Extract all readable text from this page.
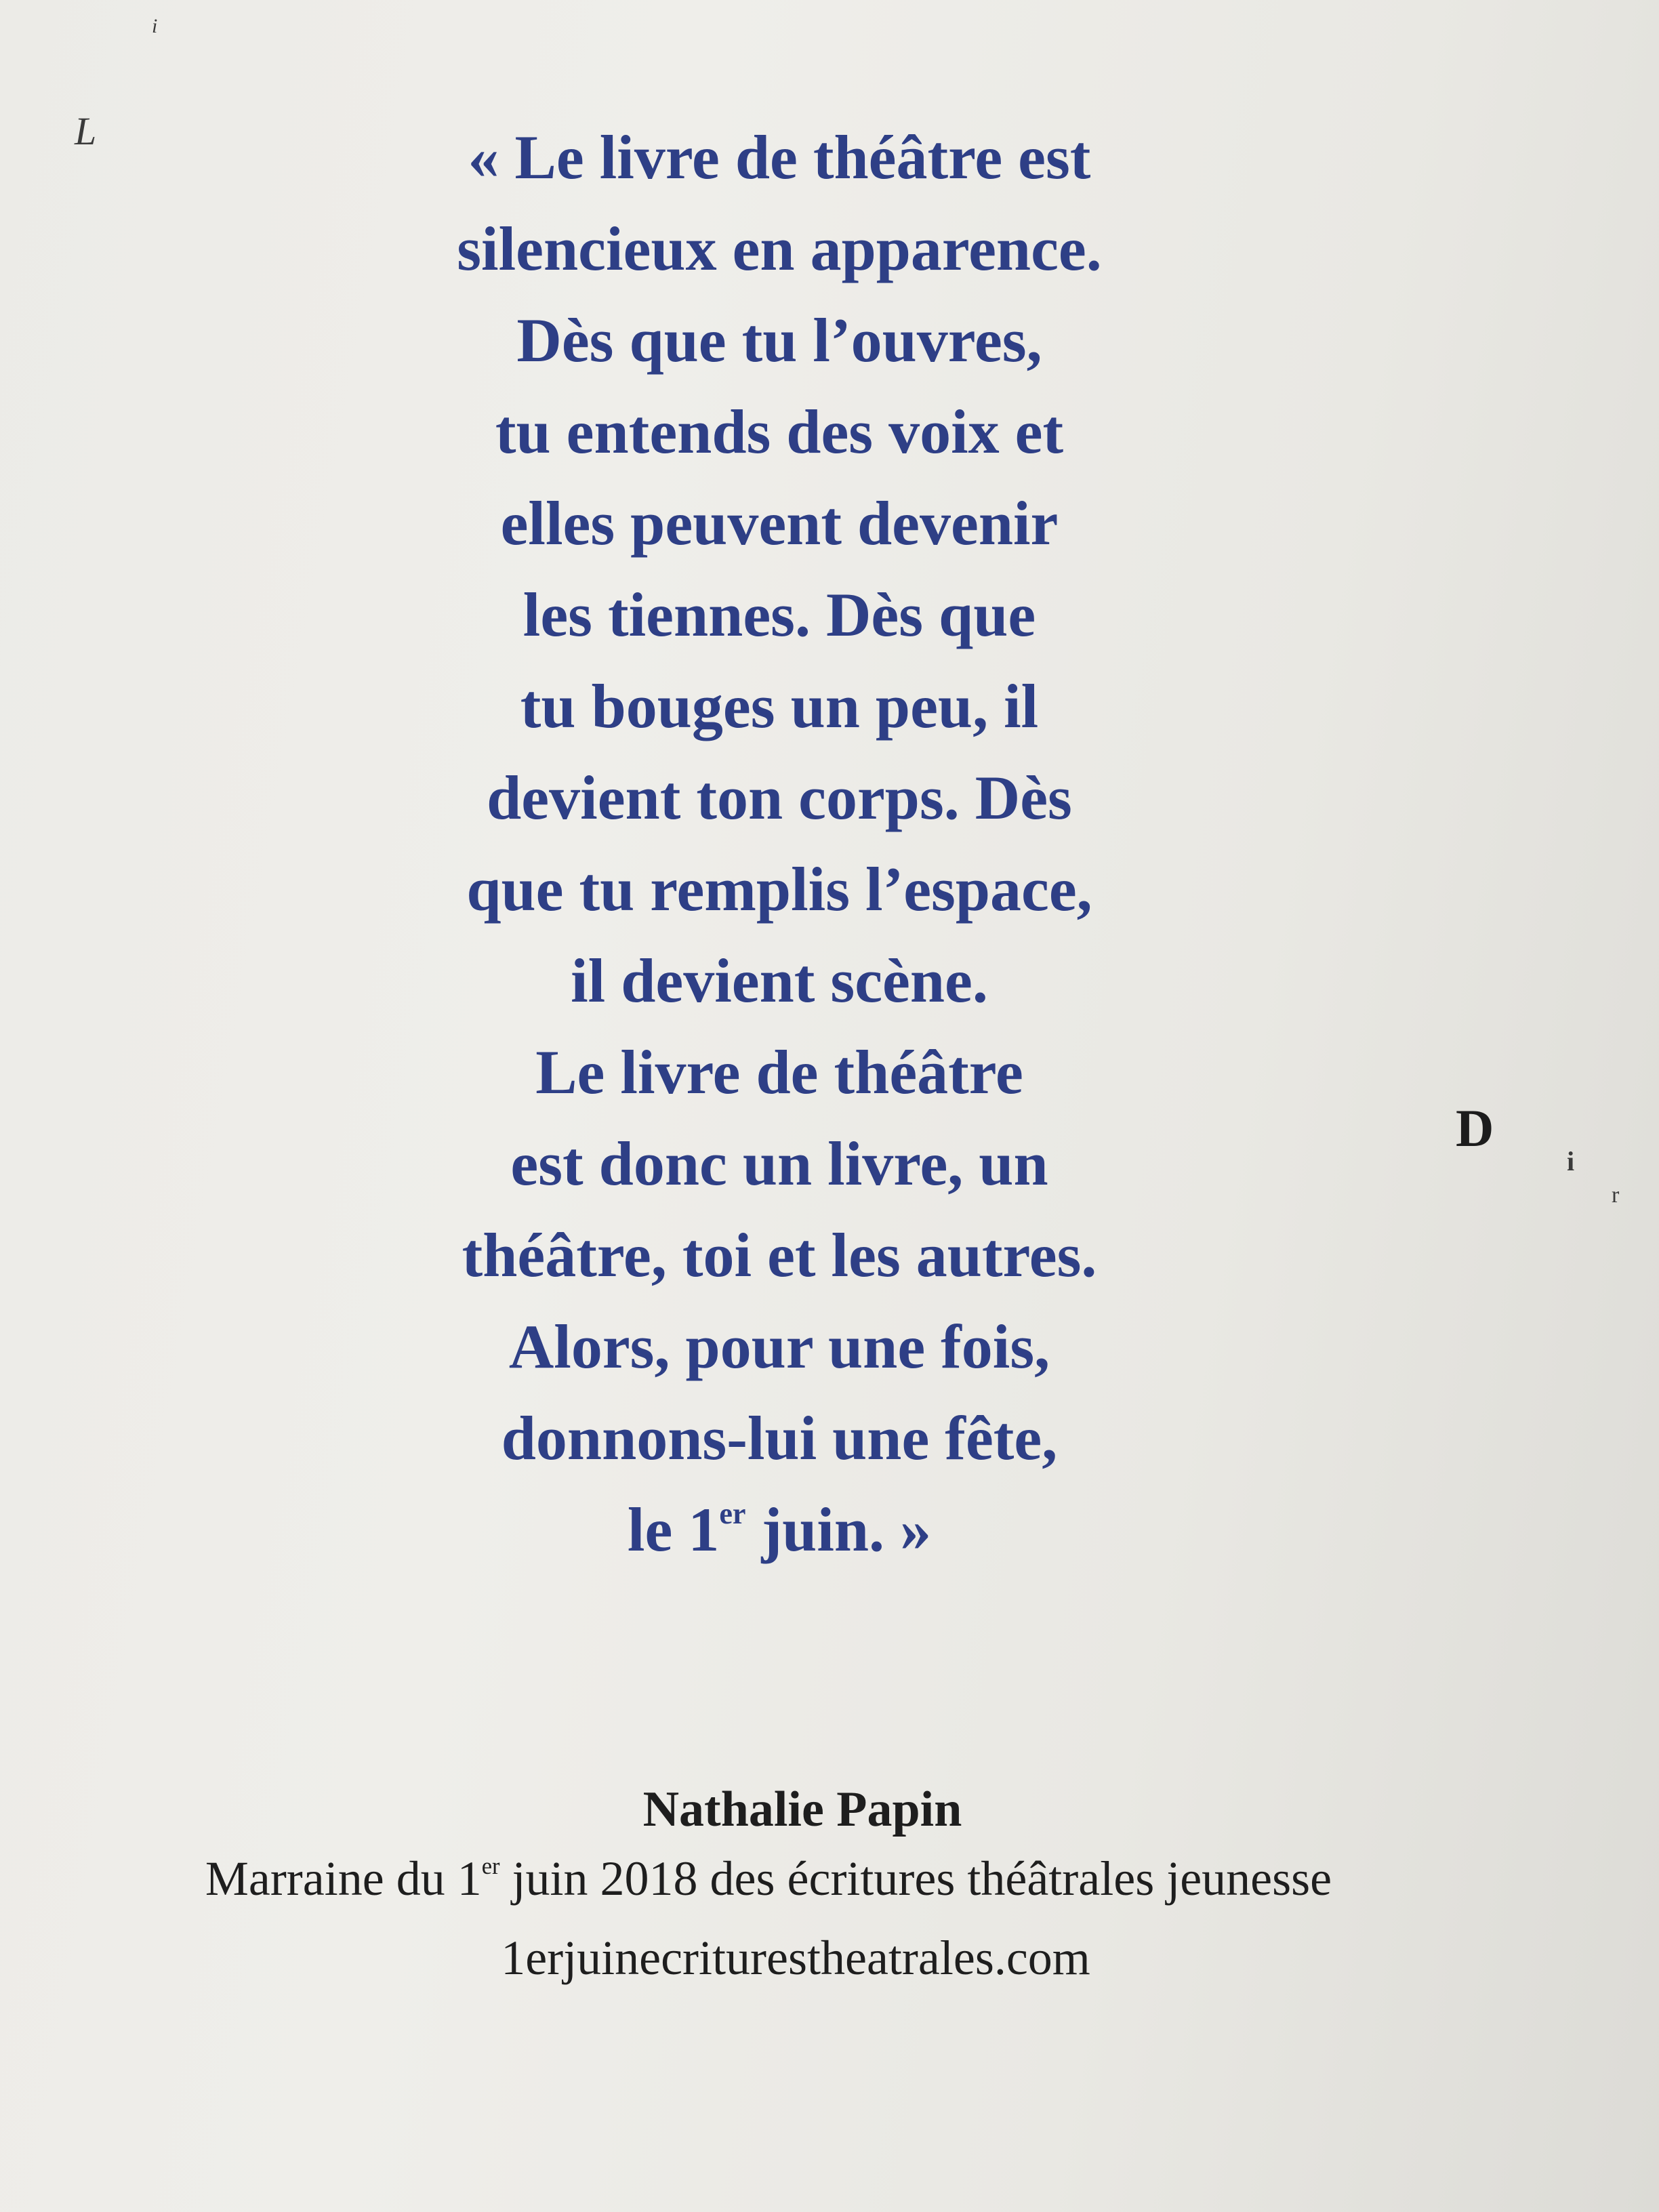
i
L
D
i
r
« Le livre de théâtre est
silencieux en apparence.
Dès que tu l’ouvres,
tu entends des voix et
elles peuvent devenir
les tiennes. Dès que
tu bouges un peu, il
devient ton corps. Dès
que tu remplis l’espace,
il devient scène.
Le livre de théâtre
est donc un livre, un
théâtre, toi et les autres.
Alors, pour une fois,
donnons-lui une fête,
le 1er juin. »
Nathalie Papin
Marraine du 1er juin 2018 des écritures théâtrales jeunesse
1erjuinecriturestheatrales.com
